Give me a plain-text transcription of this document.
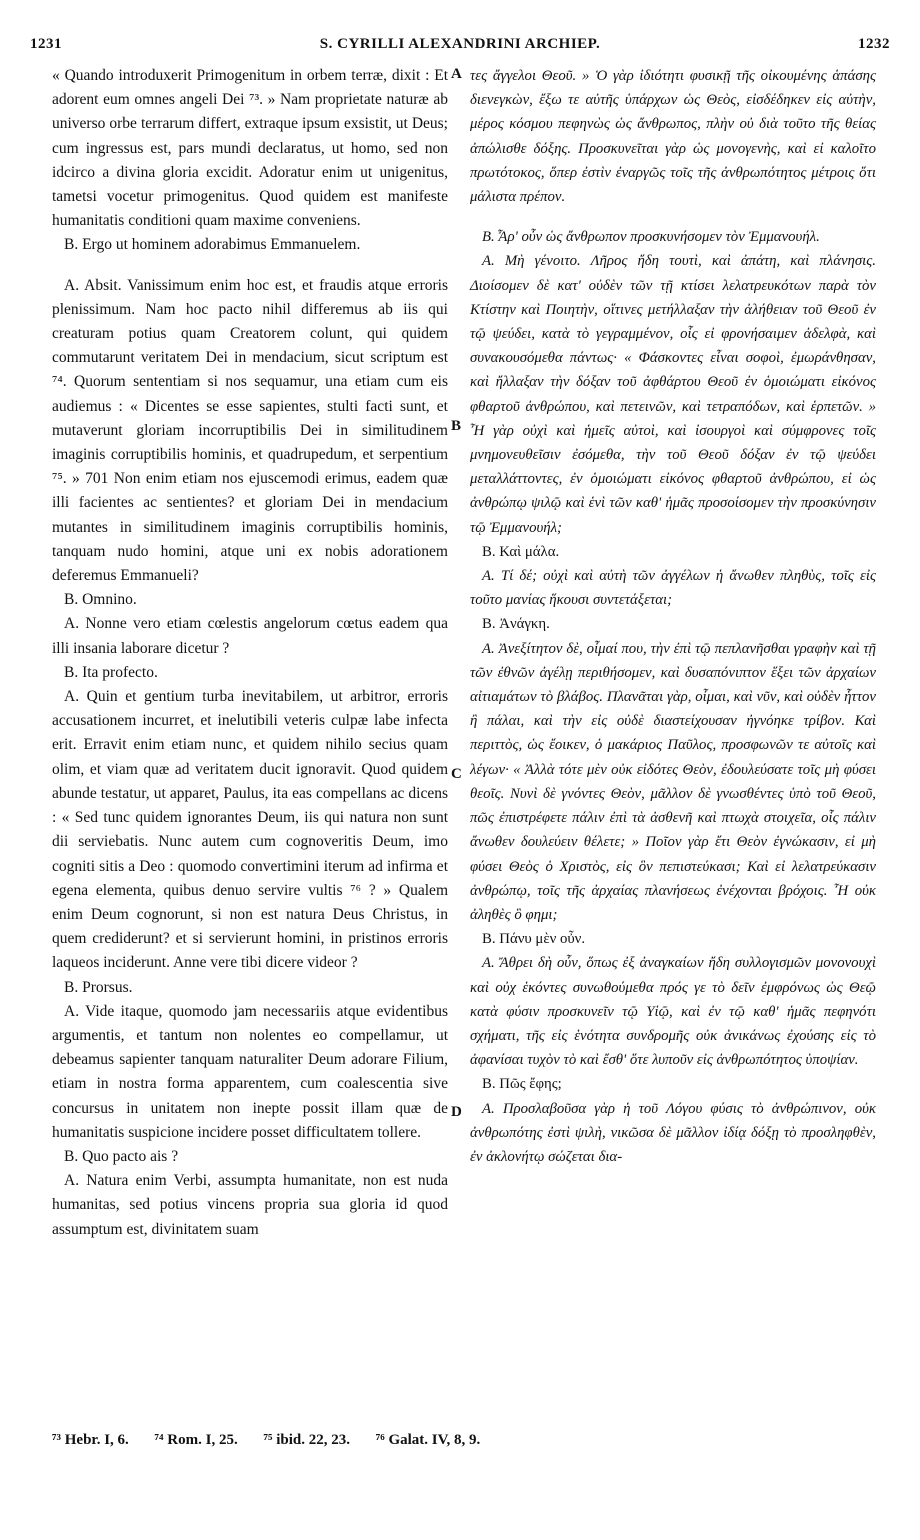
1231	S. CYRILLI ALEXANDRINI ARCHIEP.	1232
A
B
C
D

« Quando introduxerit Primogenitum in orbem terræ, dixit : Et adorent eum omnes angeli Dei ⁷³. » Nam proprietate naturæ ab universo orbe terrarum differt, extraque ipsum exsistit, ut Deus; cum ingressus est, pars mundi declaratus, ut homo, sed non idcirco a divina gloria excidit. Adoratur enim ut unigenitus, tametsi vocetur primogenitus. Quod quidem est manifeste humanitatis conditioni quam maxime conveniens.

B. Ergo ut hominem adorabimus Emmanuelem.

A. Absit. Vanissimum enim hoc est, et fraudis atque erroris plenissimum. Nam hoc pacto nihil differemus ab iis qui creaturam potius quam Creatorem colunt, qui quidem commutarunt veritatem Dei in mendacium, sicut scriptum est ⁷⁴. Quorum sententiam si nos sequamur, una etiam cum eis audiemus : « Dicentes se esse sapientes, stulti facti sunt, et mutaverunt gloriam incorruptibilis Dei in similitudinem imaginis corruptibilis hominis, et quadrupedum, et serpentium ⁷⁵. » 701 Non enim etiam nos ejuscemodi erimus, eadem quæ illi facientes ac sentientes? et gloriam Dei in mendacium mutantes in similitudinem imaginis corruptibilis hominis, tanquam nudo homini, atque uni ex nobis adorationem deferemus Emmanueli?

B. Omnino.

A. Nonne vero etiam cœlestis angelorum cœtus eadem qua illi insania laborare dicetur ?

B. Ita profecto.

A. Quin et gentium turba inevitabilem, ut arbitror, erroris accusationem incurret, et inelutibili veteris culpæ labe infecta erit. Erravit enim etiam nunc, et quidem nihilo secius quam olim, et viam quæ ad veritatem ducit ignoravit. Quod quidem abunde testatur, ut apparet, Paulus, ita eas compellans ac dicens : « Sed tunc quidem ignorantes Deum, iis qui natura non sunt dii serviebatis. Nunc autem cum cognoveritis Deum, imo cogniti sitis a Deo : quomodo convertimini iterum ad infirma et egena elementa, quibus denuo servire vultis ⁷⁶ ? » Qualem enim Deum cognorunt, si non est natura Deus Christus, in quem crediderunt? et si servierunt homini, in pristinos erroris laqueos inciderunt. Anne vere tibi dicere videor ?

B. Prorsus.

A. Vide itaque, quomodo jam necessariis atque evidentibus argumentis, et tantum non nolentes eo compellamur, ut debeamus sapienter tanquam naturaliter Deum adorare Filium, etiam in nostra forma apparentem, cum coalescentia sive concursus in unitatem non inepte possit illam quæ de humanitatis suspicione incidere posset difficultatem tollere.

B. Quo pacto ais ?

A. Natura enim Verbi, assumpta humanitate, non est nuda humanitas, sed potius vincens propria sua gloria id quod assumptum est, divinitatem suam

τες ἄγγελοι Θεοῦ. » Ὁ γὰρ ἰδιότητι φυσικῇ τῆς οἰκουμένης ἁπάσης διενεγκὼν, ἔξω τε αὐτῆς ὑπάρχων ὡς Θεὸς, εἰσδέδηκεν εἰς αὐτὴν, μέρος κόσμου πεφηνὼς ὡς ἄνθρωπος, πλὴν οὐ διὰ τοῦτο τῆς θείας ἀπώλισθε δόξης. Προσκυνεῖται γὰρ ὡς μονογενὴς, καὶ εἰ καλοῖτο πρωτότοκος, ὅπερ ἐστὶν ἐναργῶς τοῖς τῆς ἀνθρωπότητος μέτροις ὅτι μάλιστα πρέπον.

Β. Ἆρ' οὖν ὡς ἄνθρωπον προσκυνήσομεν τὸν Ἐμμανουήλ.

Α. Μὴ γένοιτο. Λῆρος ἤδη τουτὶ, καὶ ἀπάτη, καὶ πλάνησις. Διοίσομεν δὲ κατ' οὐδὲν τῶν τῇ κτίσει λελατρευκότων παρὰ τὸν Κτίστην καὶ Ποιητὴν, οἵτινες μετήλλαξαν τὴν ἀλήθειαν τοῦ Θεοῦ ἐν τῷ ψεύδει, κατὰ τὸ γεγραμμένον, οἷς εἰ φρονήσαιμεν ἀδελφὰ, καὶ συνακουσόμεθα πάντως· « Φάσκοντες εἶναι σοφοὶ, ἐμωράνθησαν, καὶ ἤλλαξαν τὴν δόξαν τοῦ ἀφθάρτου Θεοῦ ἐν ὁμοιώματι εἰκόνος φθαρτοῦ ἀνθρώπου, καὶ πετεινῶν, καὶ τετραπόδων, καὶ ἑρπετῶν. » Ἦ γὰρ οὐχὶ καὶ ἡμεῖς αὐτοὶ, καὶ ἰσουργοὶ καὶ σύμφρονες τοῖς μνημονευθεῖσιν ἐσόμεθα, τὴν τοῦ Θεοῦ δόξαν ἐν τῷ ψεύδει μεταλλάττοντες, ἐν ὁμοιώματι εἰκόνος φθαρτοῦ ἀνθρώπου, εἰ ὡς ἀνθρώπῳ ψιλῷ καὶ ἑνὶ τῶν καθ' ἡμᾶς προσοίσομεν τὴν προσκύνησιν τῷ Ἐμμανουήλ;

Β. Καὶ μάλα.

Α. Τί δέ; οὐχὶ καὶ αὐτὴ τῶν ἀγγέλων ἡ ἄνωθεν πληθὺς, τοῖς εἰς τοῦτο μανίας ἥκουσι συντετάξεται;

Β. Ἀνάγκη.

Α. Ἀνεξίτητον δὲ, οἶμαί που, τὴν ἐπὶ τῷ πεπλανῆσθαι γραφὴν καὶ τῇ τῶν ἐθνῶν ἀγέλῃ περιθήσομεν, καὶ δυσαπόνιπτον ἕξει τῶν ἀρχαίων αἰτιαμάτων τὸ βλάβος. Πλανᾶται γὰρ, οἶμαι, καὶ νῦν, καὶ οὐδὲν ἧττον ἢ πάλαι, καὶ τὴν εἰς οὐδὲ διαστείχουσαν ἠγνόηκε τρίβον. Καὶ περιττὸς, ὡς ἔοικεν, ὁ μακάριος Παῦλος, προσφωνῶν τε αὐτοῖς καὶ λέγων· « Ἀλλὰ τότε μὲν οὐκ εἰδότες Θεὸν, ἐδουλεύσατε τοῖς μὴ φύσει θεοῖς. Νυνὶ δὲ γνόντες Θεὸν, μᾶλλον δὲ γνωσθέντες ὑπὸ τοῦ Θεοῦ, πῶς ἐπιστρέφετε πάλιν ἐπὶ τὰ ἀσθενῆ καὶ πτωχὰ στοιχεῖα, οἷς πάλιν ἄνωθεν δουλεύειν θέλετε; » Ποῖον γὰρ ἔτι Θεὸν ἐγνώκασιν, εἰ μὴ φύσει Θεὸς ὁ Χριστὸς, εἰς ὃν πεπιστεύκασι; Καὶ εἰ λελατρεύκασιν ἀνθρώπῳ, τοῖς τῆς ἀρχαίας πλανήσεως ἐνέχονται βρόχοις. Ἦ οὐκ ἀληθὲς ὃ φημι;

Β. Πάνυ μὲν οὖν.

Α. Ἄθρει δὴ οὖν, ὅπως ἐξ ἀναγκαίων ἤδη συλλογισμῶν μονονουχὶ καὶ οὐχ ἑκόντες συνωθούμεθα πρός γε τὸ δεῖν ἐμφρόνως ὡς Θεῷ κατὰ φύσιν προσκυνεῖν τῷ Υἱῷ, καὶ ἐν τῷ καθ' ἡμᾶς πεφηνότι σχήματι, τῆς εἰς ἑνότητα συνδρομῆς οὐκ ἀνικάνως ἐχούσης εἰς τὸ ἀφανίσαι τυχὸν τὸ καὶ ἔσθ' ὅτε λυποῦν εἰς ἀνθρωπότητος ὑποψίαν.

Β. Πῶς ἔφης;

Α. Προσλαβοῦσα γὰρ ἡ τοῦ Λόγου φύσις τὸ ἀνθρώπινον, οὐκ ἀνθρωπότης ἐστὶ ψιλὴ, νικῶσα δὲ μᾶλλον ἰδίᾳ δόξῃ τὸ προσληφθὲν, ἐν ἀκλονήτῳ σώζεται δια-

⁷³ Hebr. I, 6. ⁷⁴ Rom. I, 25. ⁷⁵ ibid. 22, 23. ⁷⁶ Galat. IV, 8, 9.
